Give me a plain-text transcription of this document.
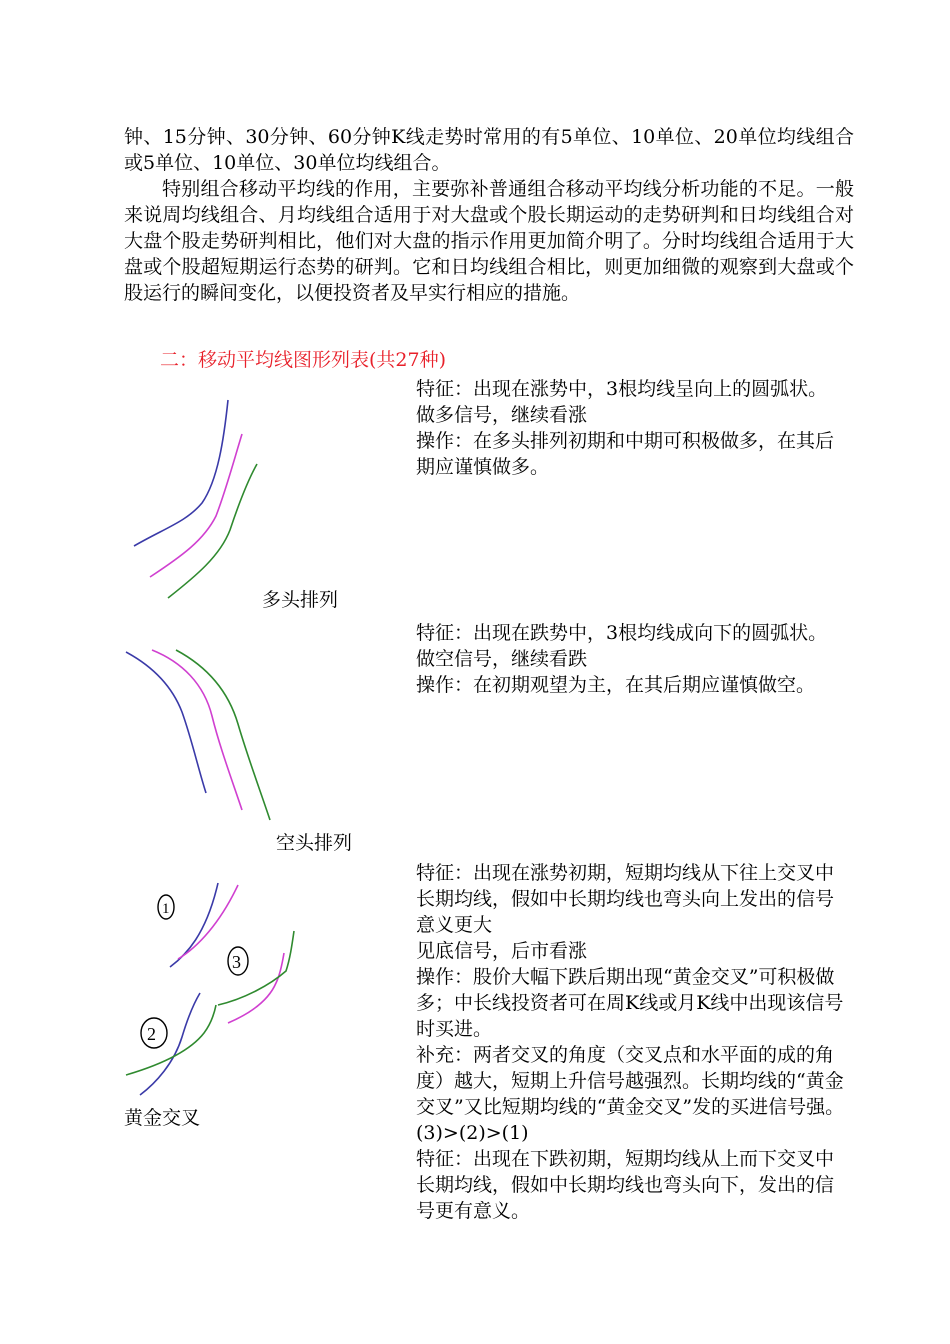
钟、15分钟、30分钟、60分钟K线走势时常用的有5单位、10单位、20单位均线组合或5单位、10单位、30单位均线组合。

特别组合移动平均线的作用，主要弥补普通组合移动平均线分析功能的不足。一般来说周均线组合、月均线组合适用于对大盘或个股长期运动的走势研判和日均线组合对大盘个股走势研判相比，他们对大盘的指示作用更加简介明了。分时均线组合适用于大盘或个股超短期运行态势的研判。它和日均线组合相比，则更加细微的观察到大盘或个股运行的瞬间变化，以便投资者及早实行相应的措施。

二：移动平均线图形列表(共27种)
多头排列

特征：出现在涨势中，3根均线呈向上的圆弧状。

做多信号，继续看涨

操作：在多头排列初期和中期可积极做多，在其后期应谨慎做多。

空头排列

特征：出现在跌势中，3根均线成向下的圆弧状。

做空信号，继续看跌

操作：在初期观望为主，在其后期应谨慎做空。

1
3
2
黄金交叉

特征：出现在涨势初期，短期均线从下往上交叉中长期均线，假如中长期均线也弯头向上发出的信号意义更大

见底信号，后市看涨

操作：股价大幅下跌后期出现“黄金交叉”可积极做多；中长线投资者可在周K线或月K线中出现该信号时买进。

补充：两者交叉的角度（交叉点和水平面的成的角度）越大，短期上升信号越强烈。长期均线的“黄金交叉”又比短期均线的“黄金交叉”发的买进信号强。(3)>(2)>(1)

特征：出现在下跌初期，短期均线从上而下交叉中长期均线，假如中长期均线也弯头向下，发出的信号更有意义。
